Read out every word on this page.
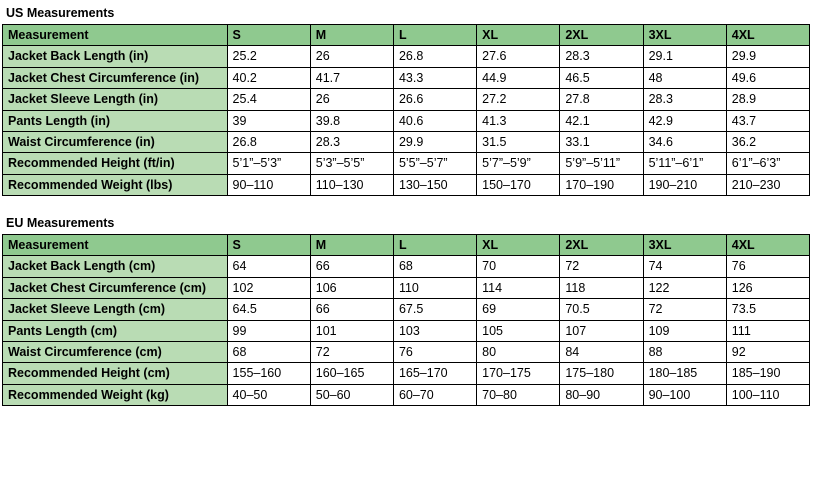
US Measurements
Measurement	S	M	L	XL	2XL	3XL	4XL
Jacket Back Length (in)	25.2	26	26.8	27.6	28.3	29.1	29.9
Jacket Chest Circumference (in)	40.2	41.7	43.3	44.9	46.5	48	49.6
Jacket Sleeve Length (in)	25.4	26	26.6	27.2	27.8	28.3	28.9
Pants Length (in)	39	39.8	40.6	41.3	42.1	42.9	43.7
Waist Circumference (in)	26.8	28.3	29.9	31.5	33.1	34.6	36.2
Recommended Height (ft/in)	5’1”–5’3”	5’3”–5’5”	5’5”–5’7”	5’7”–5’9”	5’9”–5’11”	5’11”–6’1”	6’1”–6’3”
Recommended Weight (lbs)	90–110	110–130	130–150	150–170	170–190	190–210	210–230
EU Measurements
Measurement	S	M	L	XL	2XL	3XL	4XL
Jacket Back Length (cm)	64	66	68	70	72	74	76
Jacket Chest Circumference (cm)	102	106	110	114	118	122	126
Jacket Sleeve Length (cm)	64.5	66	67.5	69	70.5	72	73.5
Pants Length (cm)	99	101	103	105	107	109	111
Waist Circumference (cm)	68	72	76	80	84	88	92
Recommended Height (cm)	155–160	160–165	165–170	170–175	175–180	180–185	185–190
Recommended Weight (kg)	40–50	50–60	60–70	70–80	80–90	90–100	100–110
